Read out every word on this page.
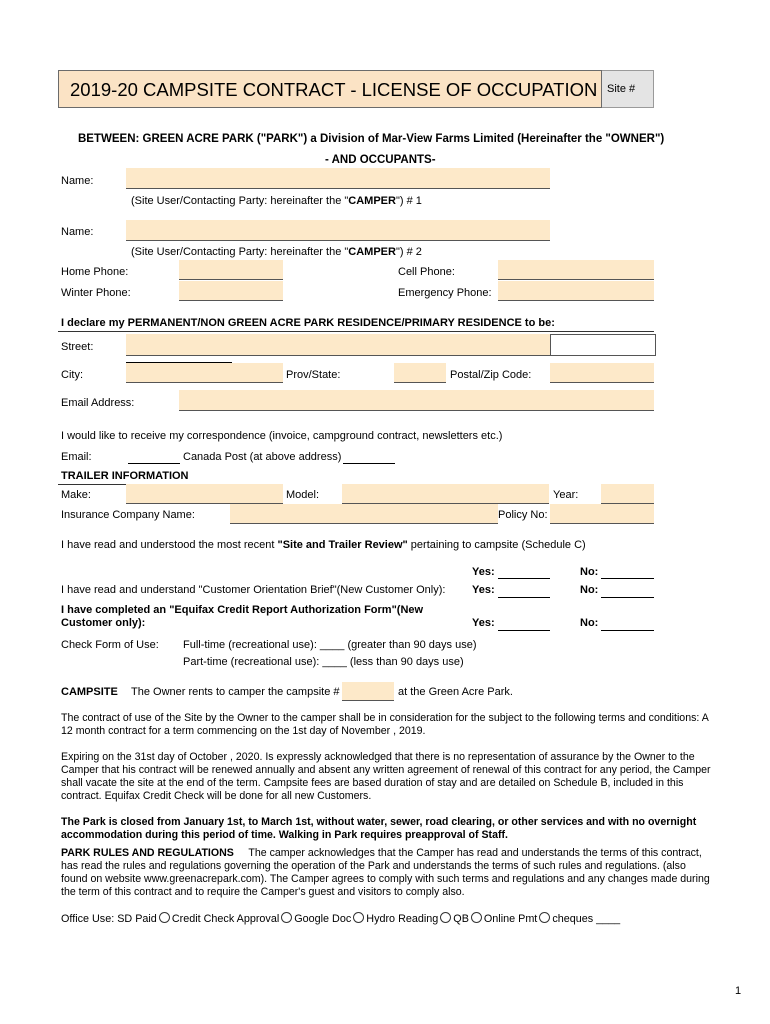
2019-20 CAMPSITE CONTRACT - LICENSE OF OCCUPATION Site #
BETWEEN: GREEN ACRE PARK ("PARK") a Division of Mar-View Farms Limited (Hereinafter the "OWNER")
- AND OCCUPANTS-
Name:
(Site User/Contacting Party: hereinafter the "CAMPER") # 1
Name:
(Site User/Contacting Party: hereinafter the "CAMPER") # 2
Home Phone:	Cell Phone:
Winter Phone:	Emergency Phone:
I declare my PERMANENT/NON GREEN ACRE PARK RESIDENCE/PRIMARY RESIDENCE to be:
Street:
City:	Prov/State:	Postal/Zip Code:
Email Address:
I would like to receive my correspondence (invoice, campground contract, newsletters etc.)
Email:	Canada Post (at above address)
TRAILER INFORMATION
Make:	Model:	Year:
Insurance Company Name:	Policy No:
I have read and understood the most recent "Site and Trailer Review" pertaining to campsite (Schedule C)
Yes:	No:
I have read and understand "Customer Orientation Brief"(New Customer Only): Yes:	No:
I have completed an "Equifax Credit Report Authorization Form"(New
Customer only):	Yes:	No:
Check Form of Use: Full-time (recreational use): ____ (greater than 90 days use)
Part-time (recreational use): ____ (less than 90 days use)
CAMPSITE The Owner rents to camper the campsite #	at the Green Acre Park.
The contract of use of the Site by the Owner to the camper shall be in consideration for the subject to the following terms and conditions: A 12 month contract for a term commencing on the 1st day of November , 2019.
Expiring on the 31st day of October , 2020. Is expressly acknowledged that there is no representation of assurance by the Owner to the Camper that his contract will be renewed annually and absent any written agreement of renewal of this contract for any period, the Camper shall vacate the site at the end of the term. Campsite fees are based duration of stay and are detailed on Schedule B, included in this contract. Equifax Credit Check will be done for all new Customers.
The Park is closed from January 1st, to March 1st, without water, sewer, road clearing, or other services and with no overnight accommodation during this period of time. Walking in Park requires preapproval of Staff.
PARK RULES AND REGULATIONS The camper acknowledges that the Camper has read and understands the terms of this contract, has read the rules and regulations governing the operation of the Park and understands the terms of such rules and regulations. (also found on website www.greenacrepark.com). The Camper agrees to comply with such terms and regulations and any changes made during the term of this contract and to require the Camper's guest and visitors to comply also.
Office Use: SD Paid Credit Check Approval Google Doc Hydro Reading QB Online Pmt cheques ____
1
